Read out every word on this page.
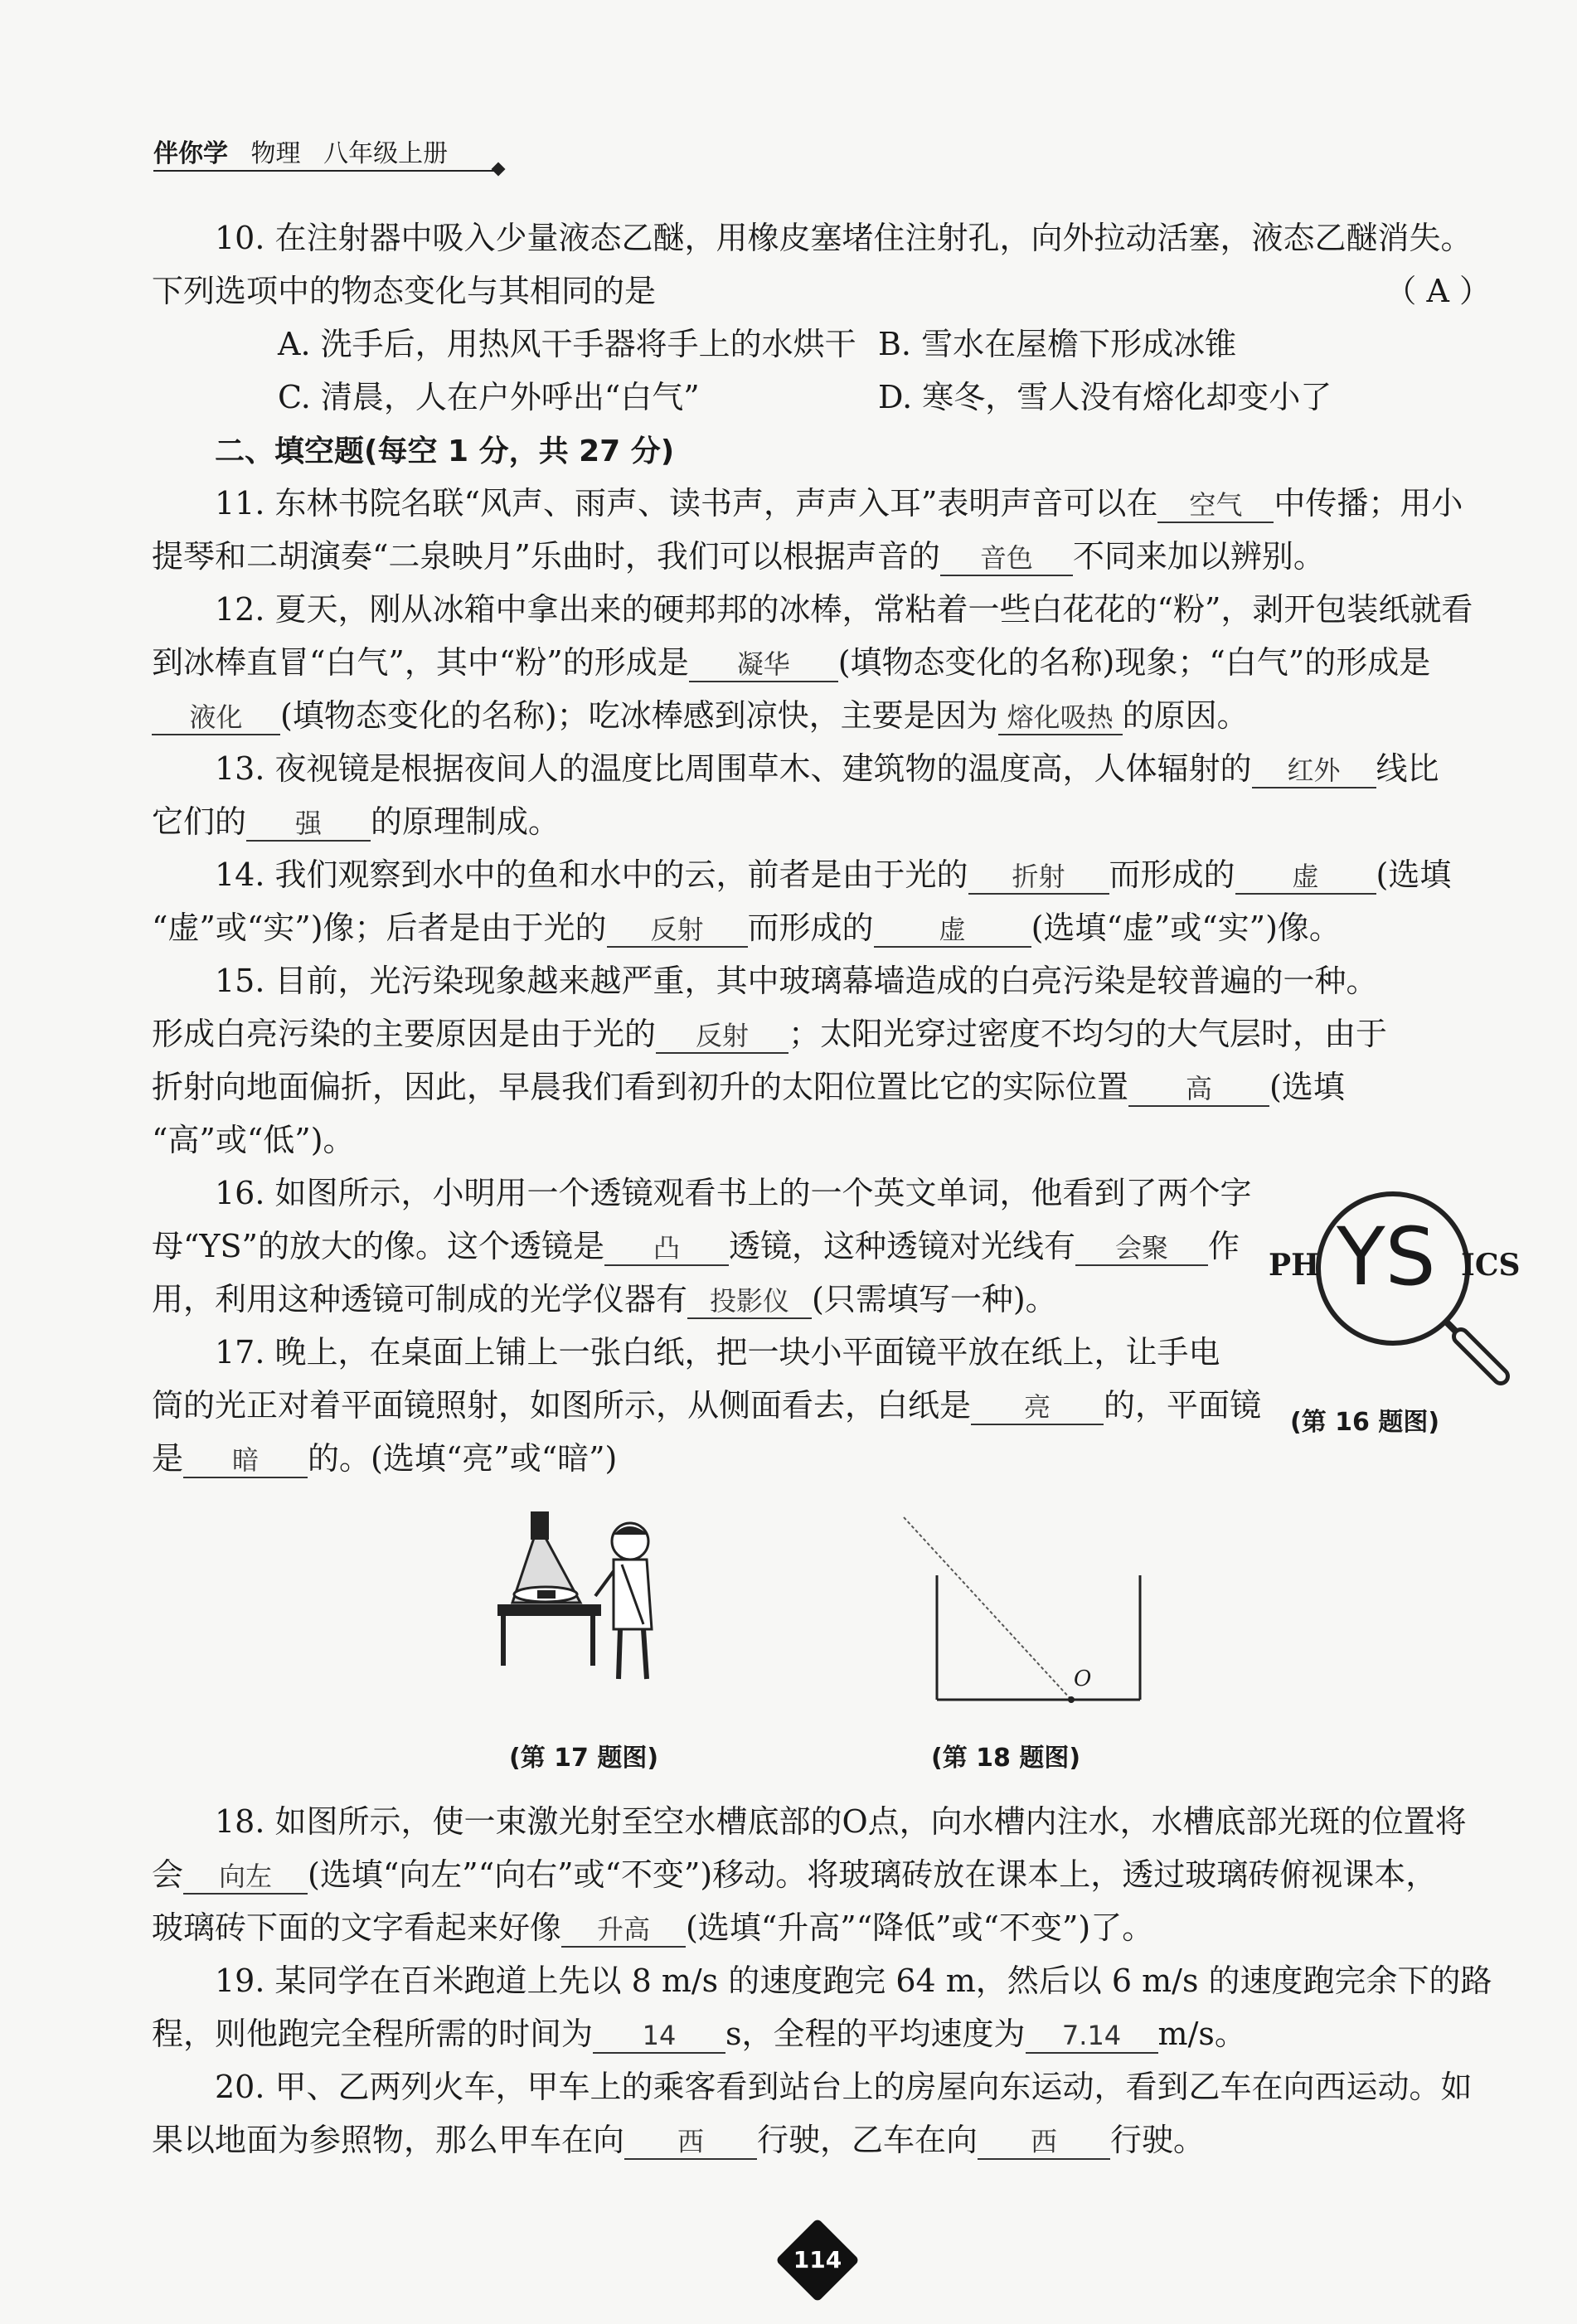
伴你学 物理 八年级上册
10. 在注射器中吸入少量液态乙醚，用橡皮塞堵住注射孔，向外拉动活塞，液态乙醚消失。
下列选项中的物态变化与其相同的是	（ A ）
A. 洗手后，用热风干手器将手上的水烘干 B. 雪水在屋檐下形成冰锥
C. 清晨，人在户外呼出“白气”	D. 寒冬，雪人没有熔化却变小了
二、填空题(每空 1 分，共 27 分)
11. 东林书院名联“风声、雨声、读书声，声声入耳”表明声音可以在 空气 中传播；用小
提琴和二胡演奏“二泉映月”乐曲时，我们可以根据声音的 音色 不同来加以辨别。
12. 夏天，刚从冰箱中拿出来的硬邦邦的冰棒，常粘着一些白花花的“粉”，剥开包装纸就看
到冰棒直冒“白气”，其中“粉”的形成是 凝华 (填物态变化的名称)现象；“白气”的形成是
液化 (填物态变化的名称)；吃冰棒感到凉快，主要是因为 熔化吸热 的原因。
13. 夜视镜是根据夜间人的温度比周围草木、建筑物的温度高，人体辐射的 红外 线比
它们的 强 的原理制成。
14. 我们观察到水中的鱼和水中的云，前者是由于光的 折射 而形成的 虚 (选填
“虚”或“实”)像；后者是由于光的 反射 而形成的 虚 (选填“虚”或“实”)像。
15. 目前，光污染现象越来越严重，其中玻璃幕墙造成的白亮污染是较普遍的一种。
形成白亮污染的主要原因是由于光的 反射 ；太阳光穿过密度不均匀的大气层时，由于
折射向地面偏折，因此，早晨我们看到初升的太阳位置比它的实际位置 高 (选填
“高”或“低”)。
16. 如图所示，小明用一个透镜观看书上的一个英文单词，他看到了两个字
母“YS”的放大的像。这个透镜是 凸 透镜，这种透镜对光线有 会聚 作
用，利用这种透镜可制成的光学仪器有 投影仪 (只需填写一种)。
17. 晚上，在桌面上铺上一张白纸，把一块小平面镜平放在纸上，让手电
筒的光正对着平面镜照射，如图所示，从侧面看去，白纸是 亮 的，平面镜
是 暗 的。(选填“亮”或“暗”)
PH YS ICS
(第 16 题图)
(第 17 题图)
O
(第 18 题图)
18. 如图所示，使一束激光射至空水槽底部的O点，向水槽内注水，水槽底部光斑的位置将
会 向左 (选填“向左”“向右”或“不变”)移动。将玻璃砖放在课本上，透过玻璃砖俯视课本，
玻璃砖下面的文字看起来好像 升高 (选填“升高”“降低”或“不变”)了。
19. 某同学在百米跑道上先以 8 m/s 的速度跑完 64 m，然后以 6 m/s 的速度跑完余下的路
程，则他跑完全程所需的时间为 14 s，全程的平均速度为 7.14 m/s。
20. 甲、乙两列火车，甲车上的乘客看到站台上的房屋向东运动，看到乙车在向西运动。如
果以地面为参照物，那么甲车在向 西 行驶，乙车在向 西 行驶。
114
